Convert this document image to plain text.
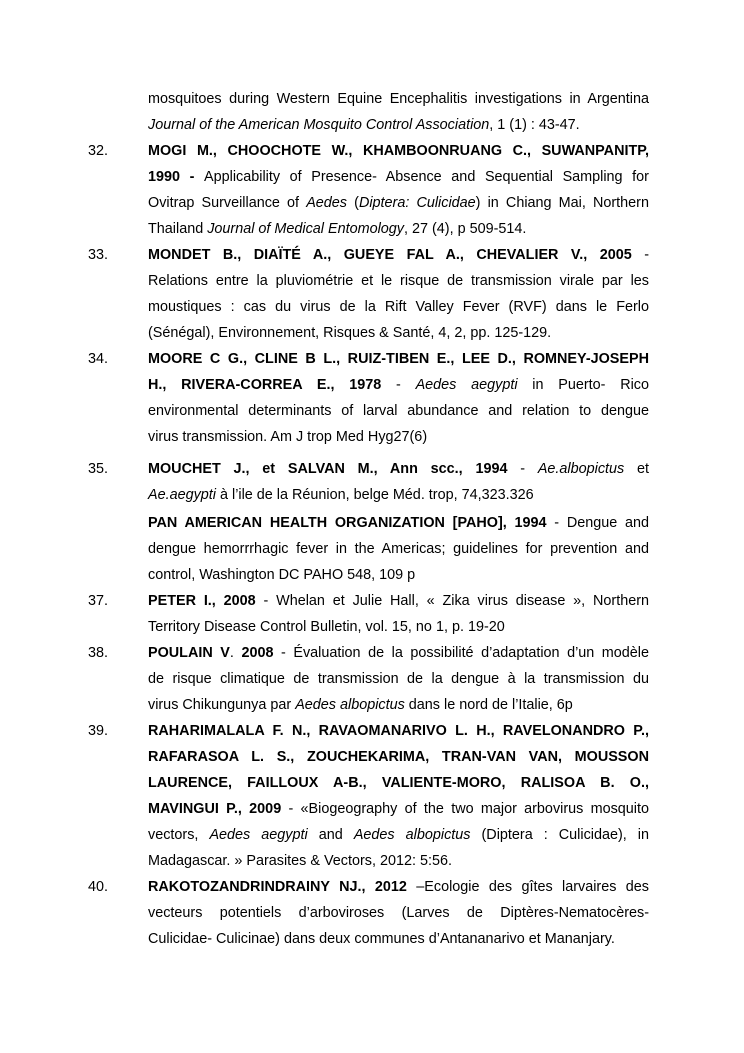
mosquitoes during Western Equine Encephalitis investigations in Argentina
Journal of the American Mosquito Control Association, 1 (1) : 43-47.
32.	MOGI M., CHOOCHOTE W., KHAMBOONRUANG C., SUWANPANITP,
1990 - Applicability of Presence- Absence and Sequential Sampling for
Ovitrap Surveillance of Aedes (Diptera: Culicidae) in Chiang Mai, Northern
Thailand Journal of Medical Entomology, 27 (4), p 509-514.
33.	MONDET B., DIAÏTÉ A., GUEYE FAL A., CHEVALIER V., 2005 -
Relations entre la pluviométrie et le risque de transmission virale par les
moustiques : cas du virus de la Rift Valley Fever (RVF) dans le Ferlo
(Sénégal), Environnement, Risques & Santé, 4, 2, pp. 125-129.
34.	MOORE C G., CLINE B L., RUIZ-TIBEN E., LEE D., ROMNEY-JOSEPH
H., RIVERA-CORREA E., 1978 - Aedes aegypti in Puerto- Rico
environmental determinants of larval abundance and relation to dengue
virus transmission. Am J trop Med Hyg27(6)
35.	MOUCHET J., et SALVAN M., Ann scc., 1994 - Ae.albopictus et
Ae.aegypti à l’ile de la Réunion, belge Méd. trop, 74,323.326
PAN AMERICAN HEALTH ORGANIZATION [PAHO], 1994 - Dengue and
dengue hemorrrhagic fever in the Americas; guidelines for prevention and
control, Washington DC PAHO 548, 109 p
37.	PETER I., 2008 - Whelan et Julie Hall, « Zika virus disease », Northern
Territory Disease Control Bulletin, vol. 15, no 1, p. 19-20
38.	POULAIN V. 2008 - Évaluation de la possibilité d’adaptation d’un modèle
de risque climatique de transmission de la dengue à la transmission du
virus Chikungunya par Aedes albopictus dans le nord de l’Italie, 6p
39.	RAHARIMALALA F. N., RAVAOMANARIVO L. H., RAVELONANDRO P.,
RAFARASOA L. S., ZOUCHEKARIMA, TRAN-VAN VAN, MOUSSON
LAURENCE, FAILLOUX A-B., VALIENTE-MORO, RALISOA B. O.,
MAVINGUI P., 2009 - «Biogeography of the two major arbovirus mosquito
vectors, Aedes aegypti and Aedes albopictus (Diptera : Culicidae), in
Madagascar. » Parasites & Vectors, 2012: 5:56.
40.	RAKOTOZANDRINDRAINY NJ., 2012 –Ecologie des gîtes larvaires des
vecteurs potentiels d’arboviroses (Larves de Diptères-Nematocères-
Culicidae- Culicinae) dans deux communes d’Antananarivo et Mananjary.
